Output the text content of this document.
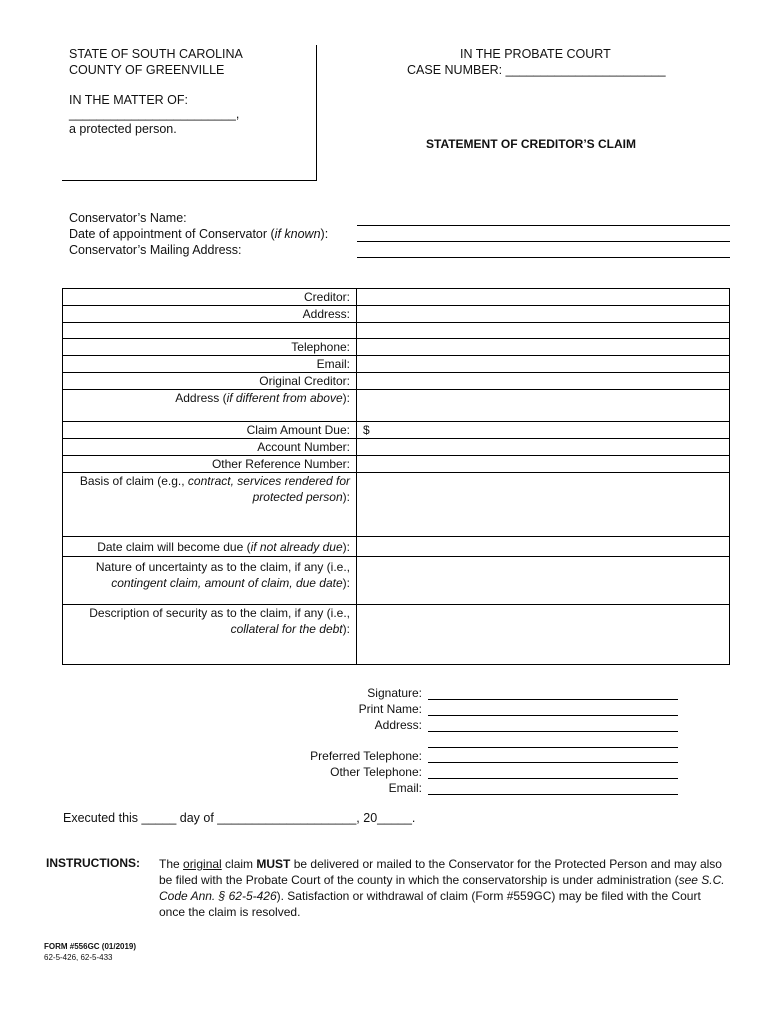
STATE OF SOUTH CAROLINA
COUNTY OF GREENVILLE
IN THE MATTER OF:
________________________,
a protected person.
IN THE PROBATE COURT
CASE NUMBER: _______________________
STATEMENT OF CREDITOR’S CLAIM
Conservator’s Name:
Date of appointment of Conservator (if known):
Conservator’s Mailing Address:
Creditor:	
Address:	

Telephone:	
Email:	
Original Creditor:	
Address (if different from above):	
Claim Amount Due:	$
Account Number:	
Other Reference Number:	
Basis of claim (e.g., contract, services rendered for protected person):	
Date claim will become due (if not already due):	
Nature of uncertainty as to the claim, if any (i.e., contingent claim, amount of claim, due date):	
Description of security as to the claim, if any (i.e., collateral for the debt):	
Signature:
Print Name:
Address:
Preferred Telephone:
Other Telephone:
Email:
Executed this _____ day of ____________________, 20_____.
INSTRUCTIONS: The original claim MUST be delivered or mailed to the Conservator for the Protected Person and may also be filed with the Probate Court of the county in which the conservatorship is under administration (see S.C. Code Ann. § 62-5-426). Satisfaction or withdrawal of claim (Form #559GC) may be filed with the Court once the claim is resolved.
FORM #556GC (01/2019)
62-5-426, 62-5-433
